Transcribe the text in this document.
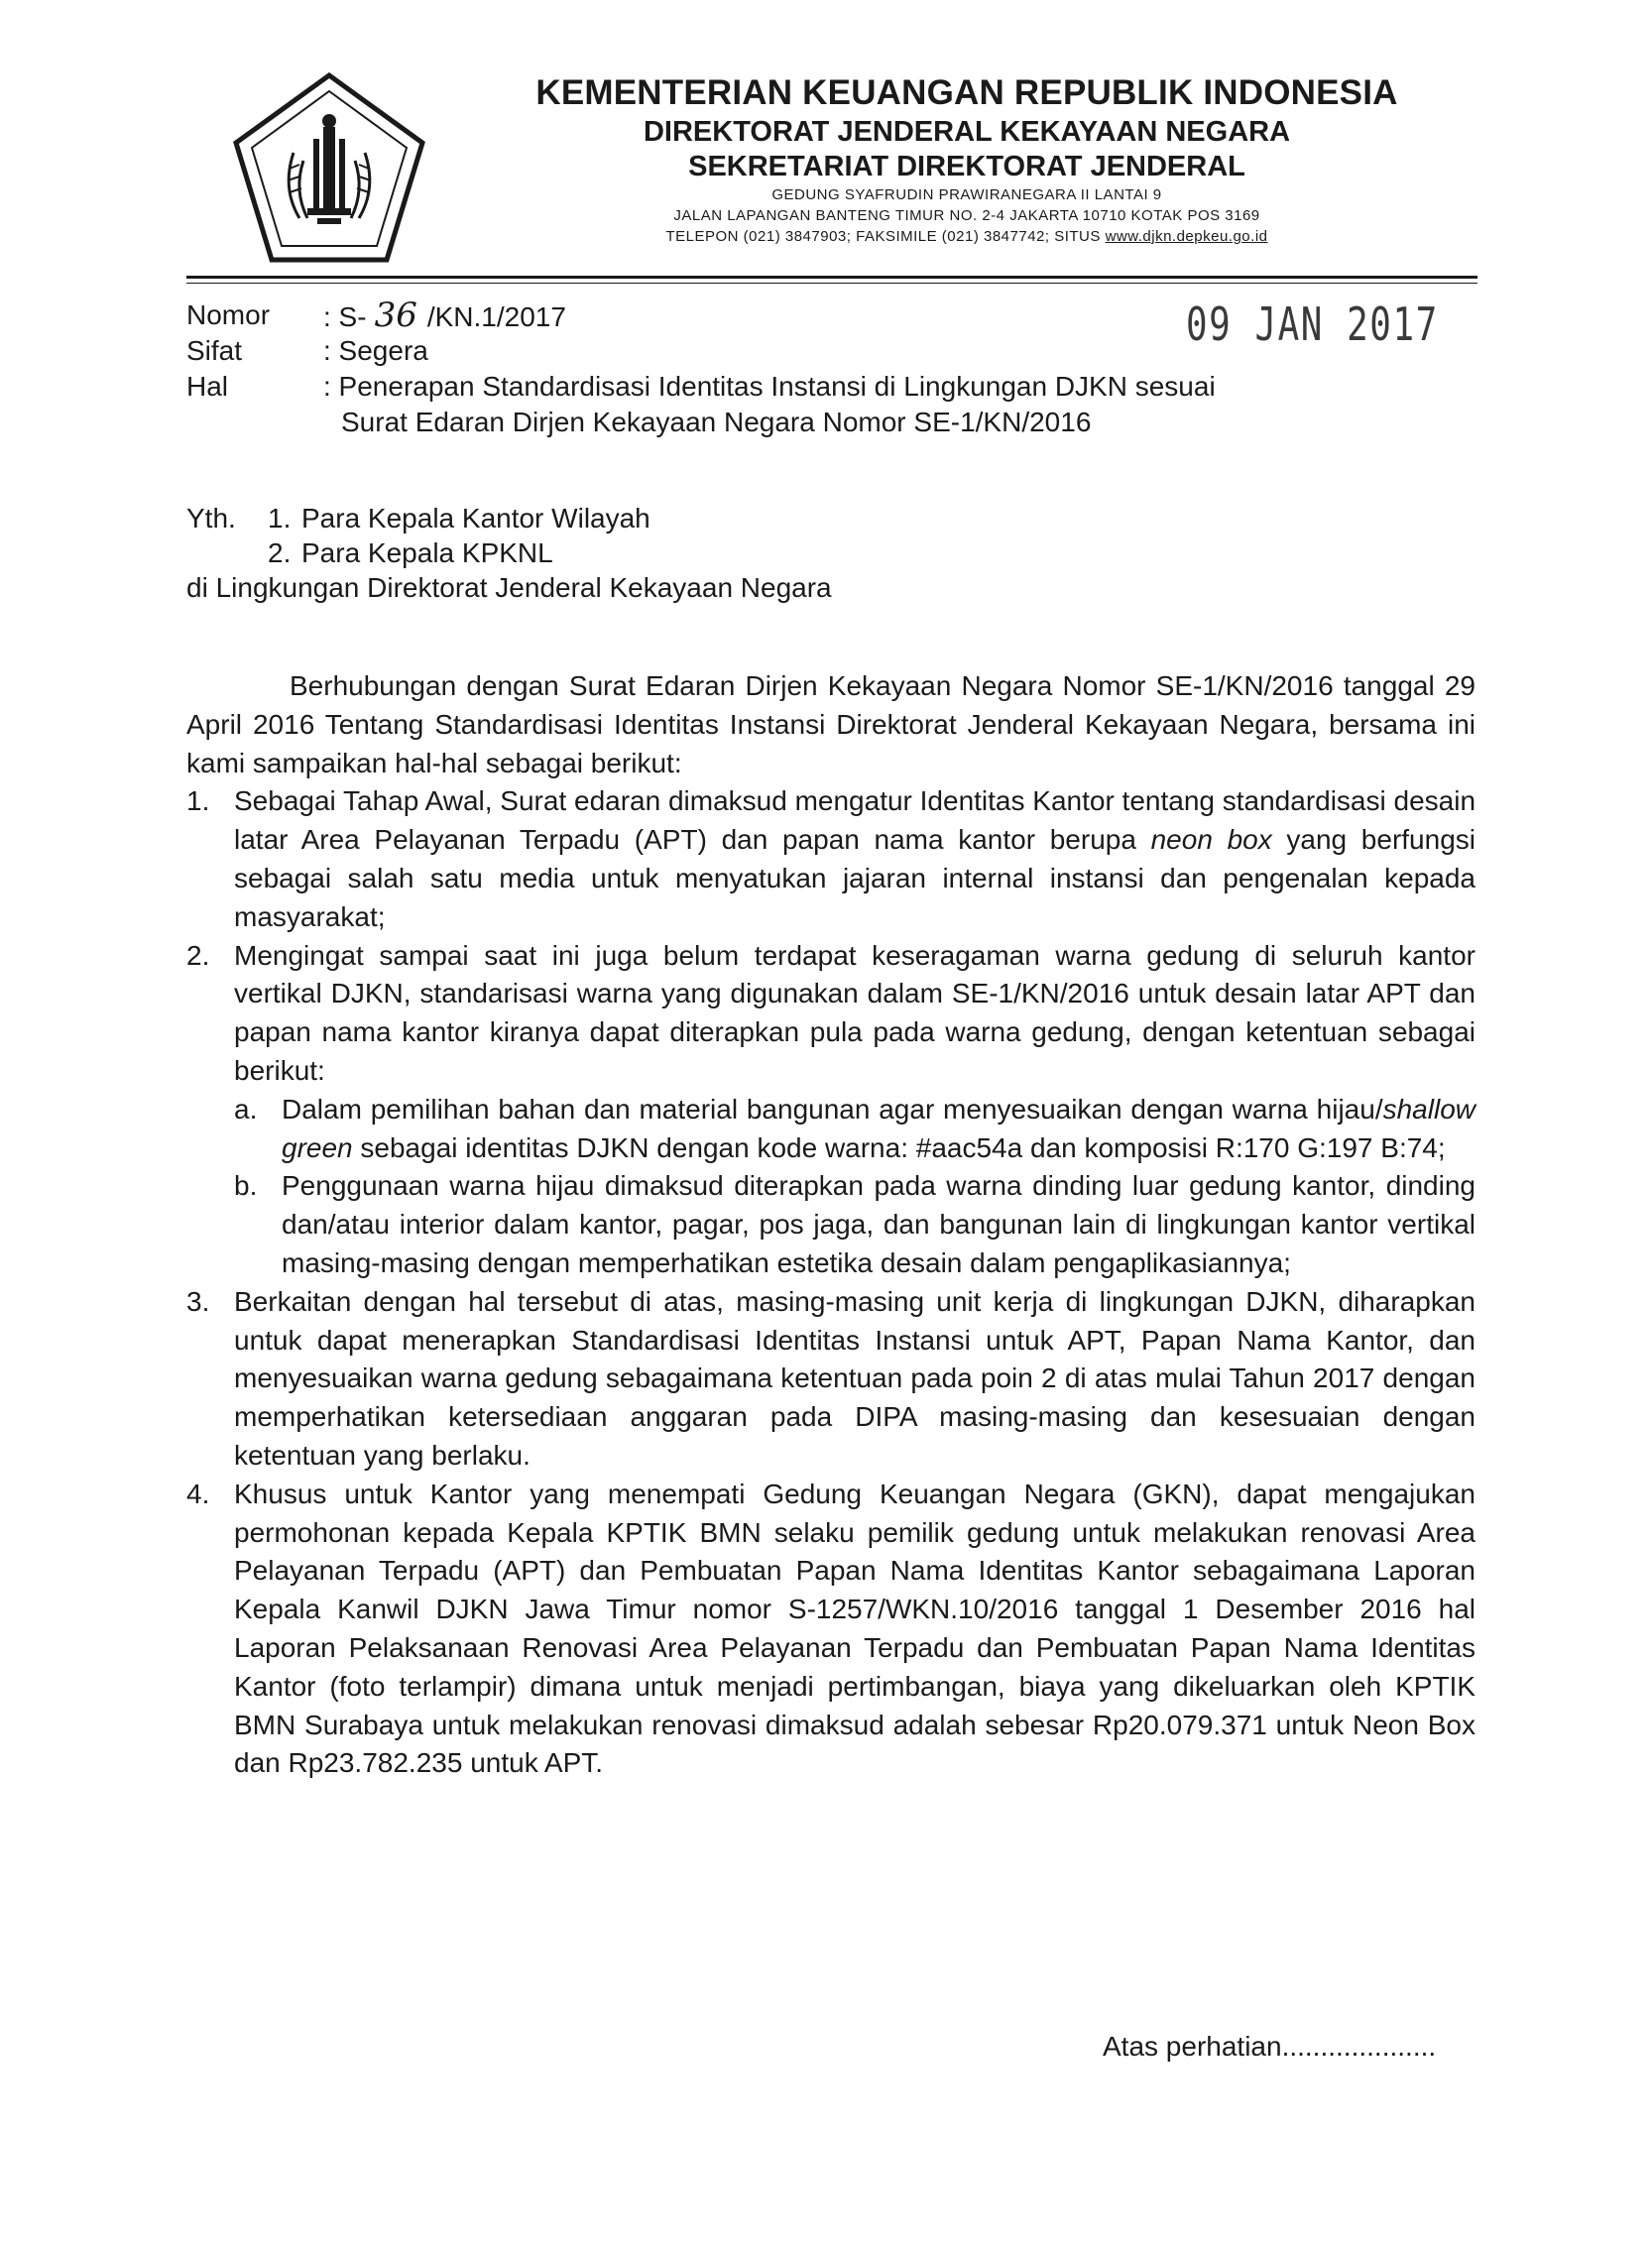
KEMENTERIAN KEUANGAN REPUBLIK INDONESIA
DIREKTORAT JENDERAL KEKAYAAN NEGARA
SEKRETARIAT DIREKTORAT JENDERAL
GEDUNG SYAFRUDIN PRAWIRANEGARA II LANTAI 9
JALAN LAPANGAN BANTENG TIMUR NO. 2-4 JAKARTA 10710 KOTAK POS 3169
TELEPON (021) 3847903; FAKSIMILE (021) 3847742; SITUS www.djkn.depkeu.go.id
Nomor : S- 36 /KN.1/2017
Sifat	: Segera
Hal	: Penerapan Standardisasi Identitas Instansi di Lingkungan DJKN sesuai
Surat Edaran Dirjen Kekayaan Negara Nomor SE-1/KN/2016
09 JAN 2017
Yth. 1. Para Kepala Kantor Wilayah
2. Para Kepala KPKNL
di Lingkungan Direktorat Jenderal Kekayaan Negara

Berhubungan dengan Surat Edaran Dirjen Kekayaan Negara Nomor SE-1/KN/2016 tanggal 29 April 2016 Tentang Standardisasi Identitas Instansi Direktorat Jenderal Kekayaan Negara, bersama ini kami sampaikan hal-hal sebagai berikut:

1. Sebagai Tahap Awal, Surat edaran dimaksud mengatur Identitas Kantor tentang standardisasi desain latar Area Pelayanan Terpadu (APT) dan papan nama kantor berupa neon box yang berfungsi sebagai salah satu media untuk menyatukan jajaran internal instansi dan pengenalan kepada masyarakat;
2. Mengingat sampai saat ini juga belum terdapat keseragaman warna gedung di seluruh kantor vertikal DJKN, standarisasi warna yang digunakan dalam SE-1/KN/2016 untuk desain latar APT dan papan nama kantor kiranya dapat diterapkan pula pada warna gedung, dengan ketentuan sebagai berikut:
a. Dalam pemilihan bahan dan material bangunan agar menyesuaikan dengan warna hijau/shallow green sebagai identitas DJKN dengan kode warna: #aac54a dan komposisi R:170 G:197 B:74;
b. Penggunaan warna hijau dimaksud diterapkan pada warna dinding luar gedung kantor, dinding dan/atau interior dalam kantor, pagar, pos jaga, dan bangunan lain di lingkungan kantor vertikal masing-masing dengan memperhatikan estetika desain dalam pengaplikasiannya;
3. Berkaitan dengan hal tersebut di atas, masing-masing unit kerja di lingkungan DJKN, diharapkan untuk dapat menerapkan Standardisasi Identitas Instansi untuk APT, Papan Nama Kantor, dan menyesuaikan warna gedung sebagaimana ketentuan pada poin 2 di atas mulai Tahun 2017 dengan memperhatikan ketersediaan anggaran pada DIPA masing-masing dan kesesuaian dengan ketentuan yang berlaku.
4. Khusus untuk Kantor yang menempati Gedung Keuangan Negara (GKN), dapat mengajukan permohonan kepada Kepala KPTIK BMN selaku pemilik gedung untuk melakukan renovasi Area Pelayanan Terpadu (APT) dan Pembuatan Papan Nama Identitas Kantor sebagaimana Laporan Kepala Kanwil DJKN Jawa Timur nomor S-1257/WKN.10/2016 tanggal 1 Desember 2016 hal Laporan Pelaksanaan Renovasi Area Pelayanan Terpadu dan Pembuatan Papan Nama Identitas Kantor (foto terlampir) dimana untuk menjadi pertimbangan, biaya yang dikeluarkan oleh KPTIK BMN Surabaya untuk melakukan renovasi dimaksud adalah sebesar Rp20.079.371 untuk Neon Box dan Rp23.782.235 untuk APT.
Atas perhatian....................
